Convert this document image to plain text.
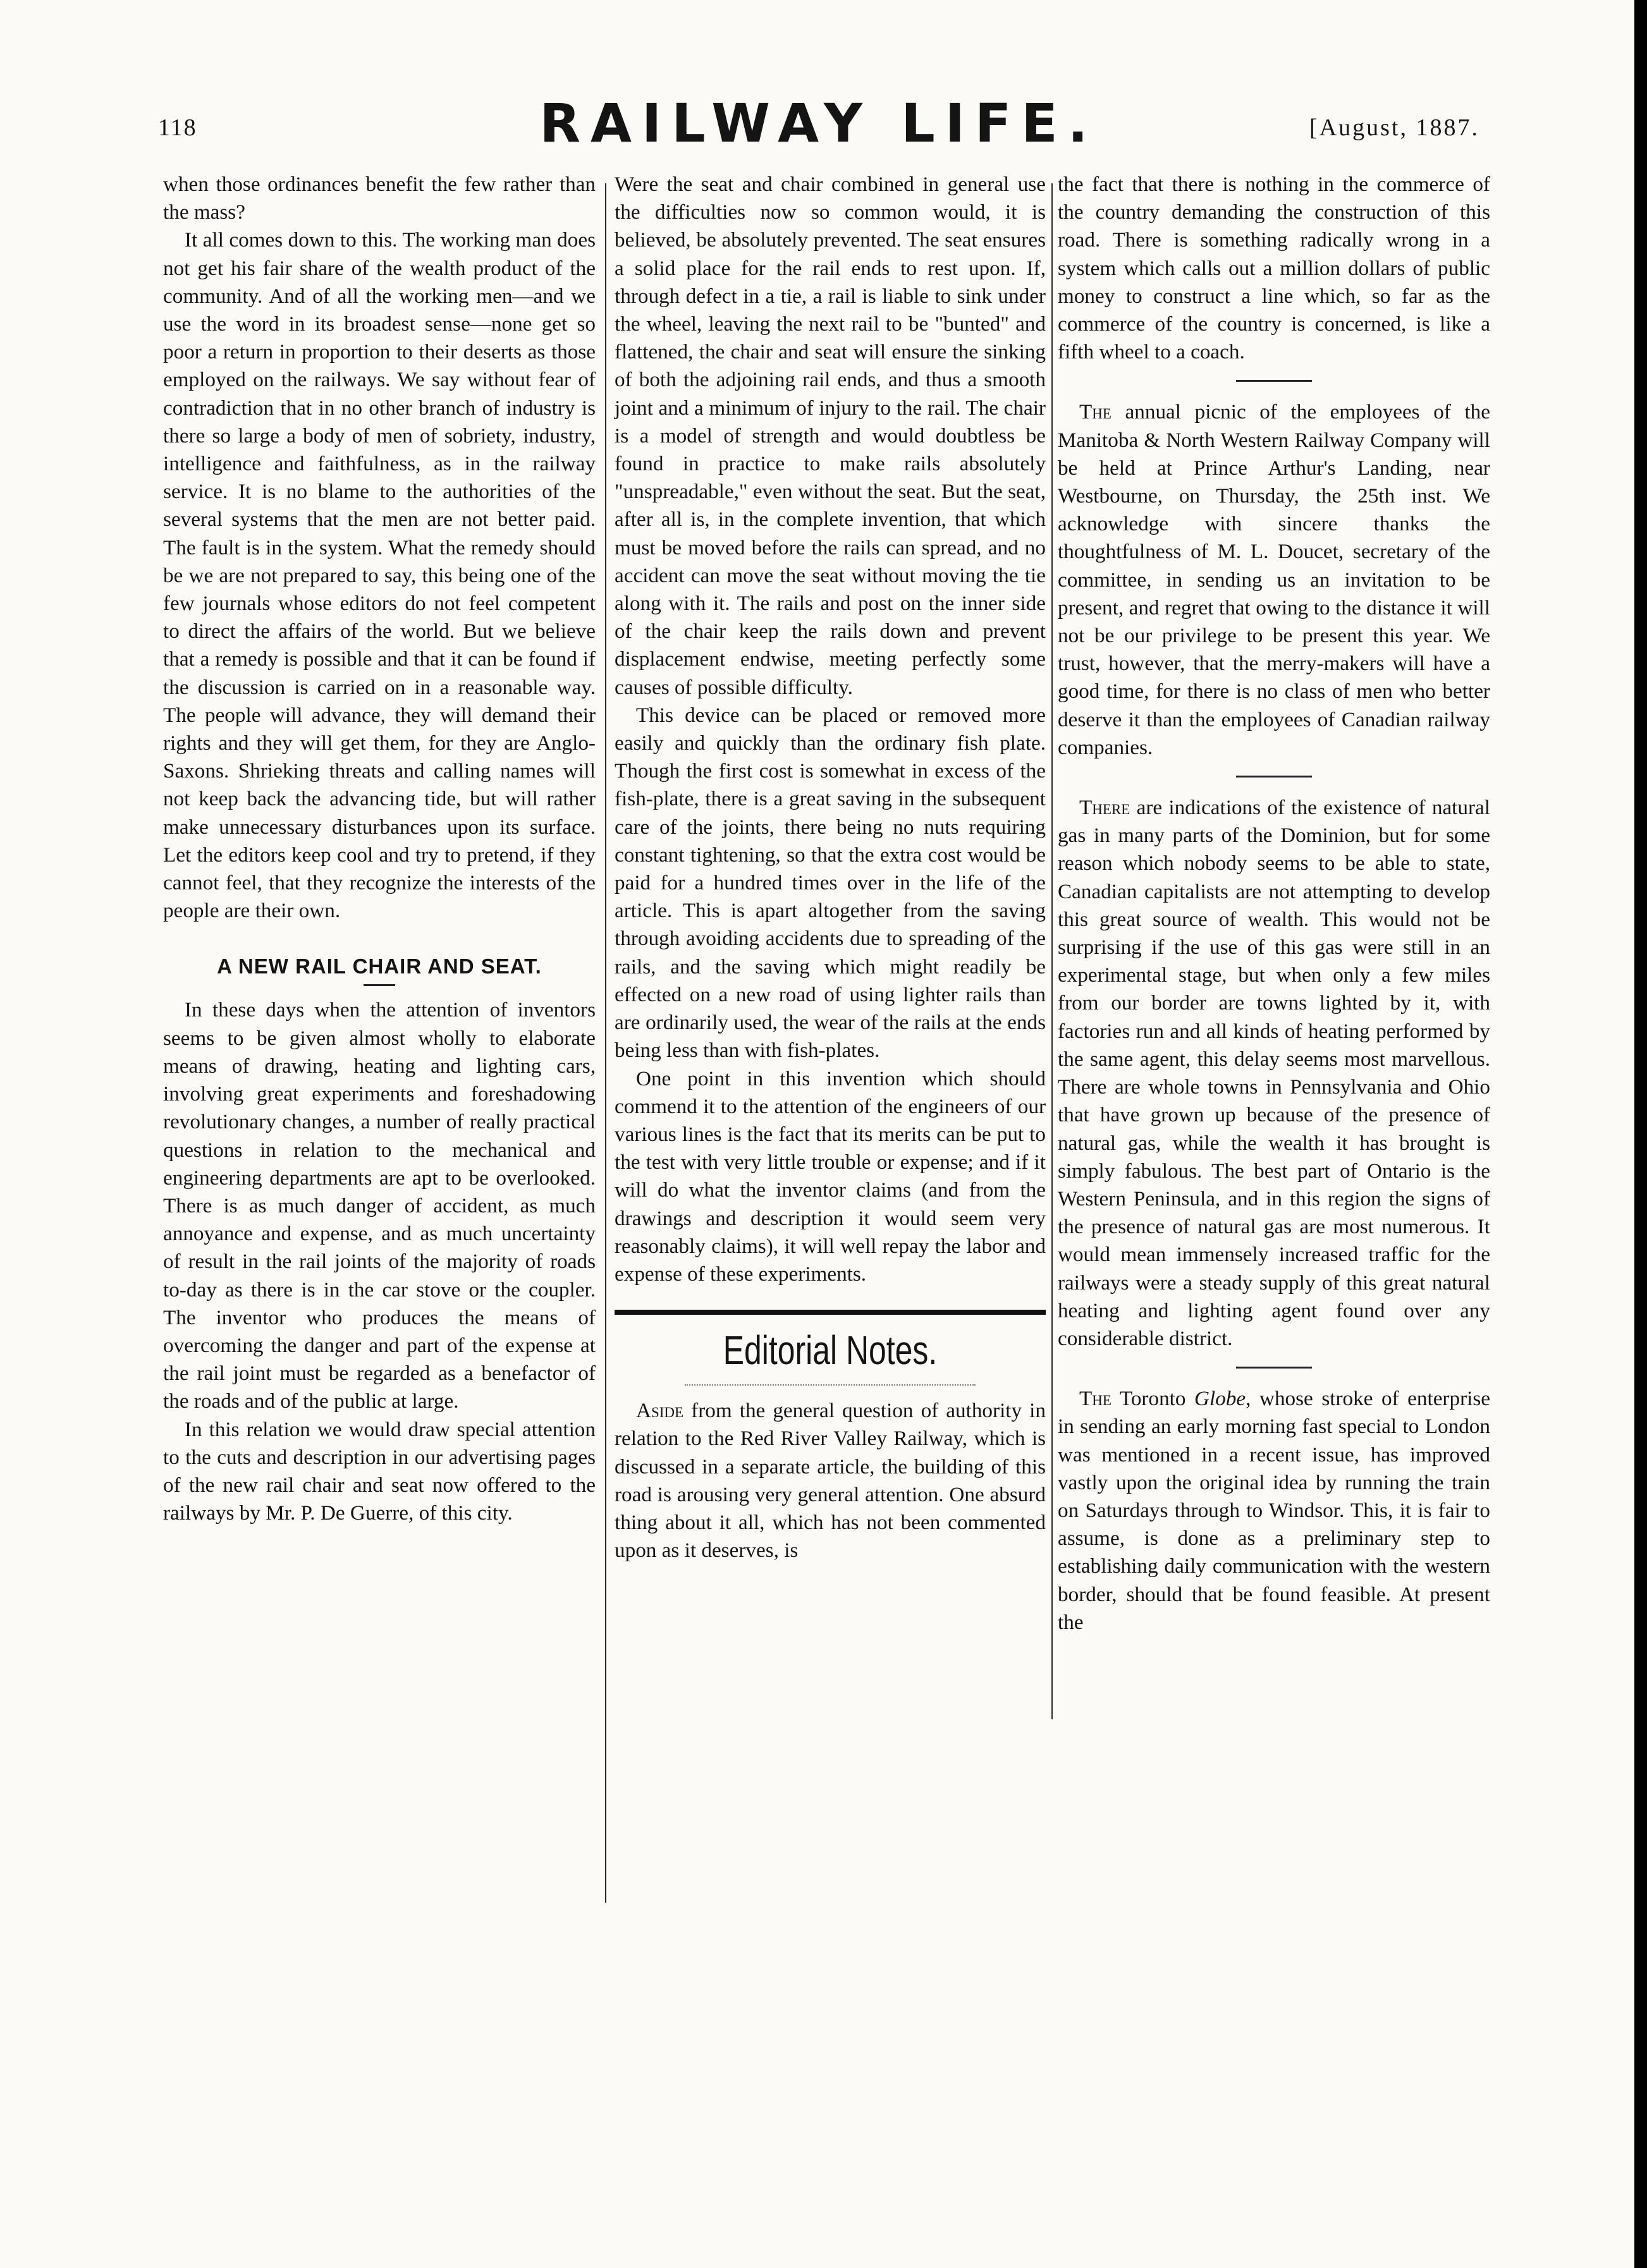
118	RAILWAY LIFE.	[August, 1887.

when those ordinances benefit the few rather than the mass?

It all comes down to this. The working man does not get his fair share of the wealth product of the community. And of all the working men—and we use the word in its broadest sense—none get so poor a return in proportion to their deserts as those employed on the railways. We say without fear of contradiction that in no other branch of industry is there so large a body of men of sobriety, industry, intelligence and faithfulness, as in the railway service. It is no blame to the authorities of the several systems that the men are not better paid. The fault is in the system. What the remedy should be we are not prepared to say, this being one of the few journals whose editors do not feel competent to direct the affairs of the world. But we believe that a remedy is possible and that it can be found if the discussion is carried on in a reasonable way. The people will advance, they will demand their rights and they will get them, for they are Anglo-Saxons. Shrieking threats and calling names will not keep back the advancing tide, but will rather make unnecessary disturbances upon its surface. Let the editors keep cool and try to pretend, if they cannot feel, that they recognize the interests of the people are their own.

A NEW RAIL CHAIR AND SEAT.

In these days when the attention of inventors seems to be given almost wholly to elaborate means of drawing, heating and lighting cars, involving great experiments and foreshadowing revolutionary changes, a number of really practical questions in relation to the mechanical and engineering departments are apt to be overlooked. There is as much danger of accident, as much annoyance and expense, and as much uncertainty of result in the rail joints of the majority of roads to-day as there is in the car stove or the coupler. The inventor who produces the means of overcoming the danger and part of the expense at the rail joint must be regarded as a benefactor of the roads and of the public at large.

In this relation we would draw special attention to the cuts and description in our advertising pages of the new rail chair and seat now offered to the railways by Mr. P. De Guerre, of this city.

Were the seat and chair combined in general use the difficulties now so common would, it is believed, be absolutely prevented. The seat ensures a solid place for the rail ends to rest upon. If, through defect in a tie, a rail is liable to sink under the wheel, leaving the next rail to be "bunted" and flattened, the chair and seat will ensure the sinking of both the adjoining rail ends, and thus a smooth joint and a minimum of injury to the rail. The chair is a model of strength and would doubtless be found in practice to make rails absolutely "unspreadable," even without the seat. But the seat, after all is, in the complete invention, that which must be moved before the rails can spread, and no accident can move the seat without moving the tie along with it. The rails and post on the inner side of the chair keep the rails down and prevent displacement endwise, meeting perfectly some causes of possible difficulty.

This device can be placed or removed more easily and quickly than the ordinary fish plate. Though the first cost is somewhat in excess of the fish-plate, there is a great saving in the subsequent care of the joints, there being no nuts requiring constant tightening, so that the extra cost would be paid for a hundred times over in the life of the article. This is apart altogether from the saving through avoiding accidents due to spreading of the rails, and the saving which might readily be effected on a new road of using lighter rails than are ordinarily used, the wear of the rails at the ends being less than with fish-plates.

One point in this invention which should commend it to the attention of the engineers of our various lines is the fact that its merits can be put to the test with very little trouble or expense; and if it will do what the inventor claims (and from the drawings and description it would seem very reasonably claims), it will well repay the labor and expense of these experiments.

Editorial Notes.

Aside from the general question of authority in relation to the Red River Valley Railway, which is discussed in a separate article, the building of this road is arousing very general attention. One absurd thing about it all, which has not been commented upon as it deserves, is

the fact that there is nothing in the commerce of the country demanding the construction of this road. There is something radically wrong in a system which calls out a million dollars of public money to construct a line which, so far as the commerce of the country is concerned, is like a fifth wheel to a coach.

The annual picnic of the employees of the Manitoba & North Western Railway Company will be held at Prince Arthur's Landing, near Westbourne, on Thursday, the 25th inst. We acknowledge with sincere thanks the thoughtfulness of M. L. Doucet, secretary of the committee, in sending us an invitation to be present, and regret that owing to the distance it will not be our privilege to be present this year. We trust, however, that the merry-makers will have a good time, for there is no class of men who better deserve it than the employees of Canadian railway companies.

There are indications of the existence of natural gas in many parts of the Dominion, but for some reason which nobody seems to be able to state, Canadian capitalists are not attempting to develop this great source of wealth. This would not be surprising if the use of this gas were still in an experimental stage, but when only a few miles from our border are towns lighted by it, with factories run and all kinds of heating performed by the same agent, this delay seems most marvellous. There are whole towns in Pennsylvania and Ohio that have grown up because of the presence of natural gas, while the wealth it has brought is simply fabulous. The best part of Ontario is the Western Peninsula, and in this region the signs of the presence of natural gas are most numerous. It would mean immensely increased traffic for the railways were a steady supply of this great natural heating and lighting agent found over any considerable district.

The Toronto Globe, whose stroke of enterprise in sending an early morning fast special to London was mentioned in a recent issue, has improved vastly upon the original idea by running the train on Saturdays through to Windsor. This, it is fair to assume, is done as a preliminary step to establishing daily communication with the western border, should that be found feasible. At present the
